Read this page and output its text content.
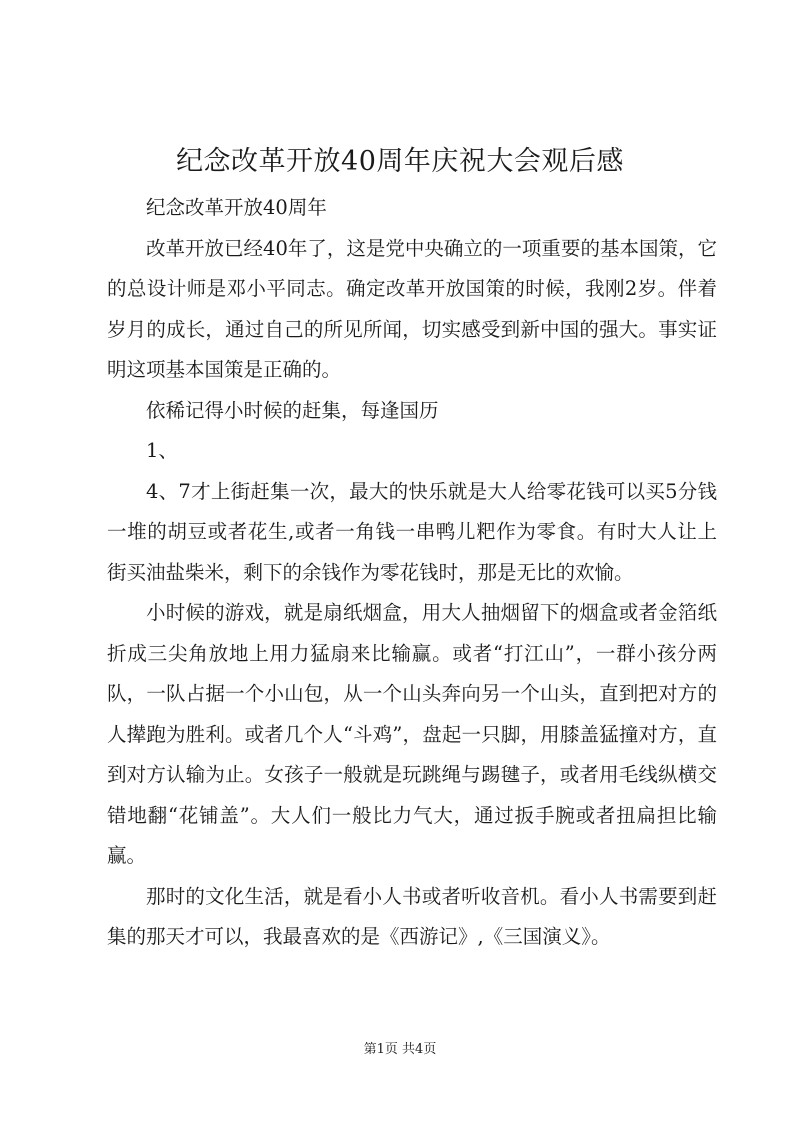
纪念改革开放40周年庆祝大会观后感

纪念改革开放40周年

改革开放已经40年了，这是党中央确立的一项重要的基本国策，它的总设计师是邓小平同志。确定改革开放国策的时候，我刚2岁。伴着岁月的成长，通过自己的所见所闻，切实感受到新中国的强大。事实证明这项基本国策是正确的。

依稀记得小时候的赶集，每逢国历

1、

4、7才上街赶集一次，最大的快乐就是大人给零花钱可以买5分钱一堆的胡豆或者花生,或者一角钱一串鸭儿粑作为零食。有时大人让上街买油盐柴米，剩下的余钱作为零花钱时，那是无比的欢愉。

小时候的游戏，就是扇纸烟盒，用大人抽烟留下的烟盒或者金箔纸折成三尖角放地上用力猛扇来比输赢。或者“打江山”，一群小孩分两队，一队占据一个小山包，从一个山头奔向另一个山头，直到把对方的人撵跑为胜利。或者几个人“斗鸡”，盘起一只脚，用膝盖猛撞对方，直到对方认输为止。女孩子一般就是玩跳绳与踢毽子，或者用毛线纵横交错地翻“花铺盖”。大人们一般比力气大，通过扳手腕或者扭扁担比输赢。

那时的文化生活，就是看小人书或者听收音机。看小人书需要到赶集的那天才可以，我最喜欢的是《西游记》,《三国演义》。

第1页 共4页
